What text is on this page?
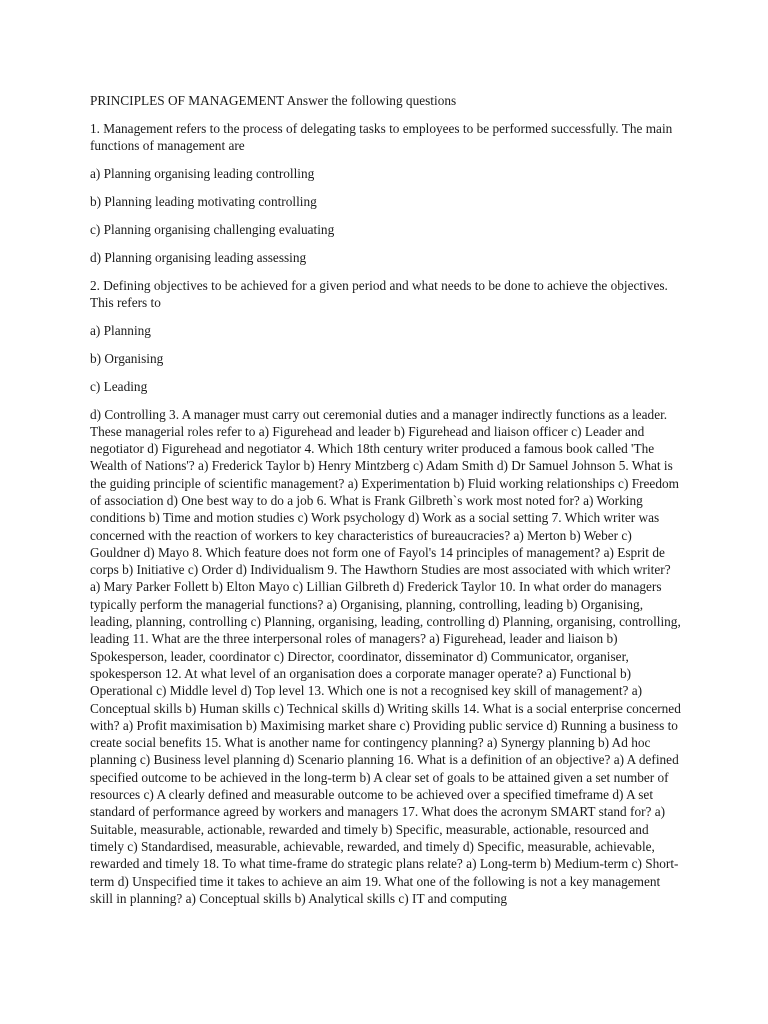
PRINCIPLES OF MANAGEMENT Answer the following questions

1. Management refers to the process of delegating tasks to employees to be performed successfully. The main functions of management are

a) Planning organising leading controlling

b) Planning leading motivating controlling

c) Planning organising challenging evaluating

d) Planning organising leading assessing

2. Defining objectives to be achieved for a given period and what needs to be done to achieve the objectives. This refers to

a) Planning

b) Organising

c) Leading

d) Controlling 3. A manager must carry out ceremonial duties and a manager indirectly functions as a leader. These managerial roles refer to a) Figurehead and leader b) Figurehead and liaison officer c) Leader and negotiator d) Figurehead and negotiator 4. Which 18th century writer produced a famous book called 'The Wealth of Nations'? a) Frederick Taylor b) Henry Mintzberg c) Adam Smith d) Dr Samuel Johnson 5. What is the guiding principle of scientific management? a) Experimentation b) Fluid working relationships c) Freedom of association d) One best way to do a job 6. What is Frank Gilbreth`s work most noted for? a) Working conditions b) Time and motion studies c) Work psychology d) Work as a social setting 7. Which writer was concerned with the reaction of workers to key characteristics of bureaucracies? a) Merton b) Weber c) Gouldner d) Mayo 8. Which feature does not form one of Fayol's 14 principles of management? a) Esprit de corps b) Initiative c) Order d) Individualism 9. The Hawthorn Studies are most associated with which writer? a) Mary Parker Follett b) Elton Mayo c) Lillian Gilbreth d) Frederick Taylor 10. In what order do managers typically perform the managerial functions? a) Organising, planning, controlling, leading b) Organising, leading, planning, controlling c) Planning, organising, leading, controlling d) Planning, organising, controlling, leading 11. What are the three interpersonal roles of managers? a) Figurehead, leader and liaison b) Spokesperson, leader, coordinator c) Director, coordinator, disseminator d) Communicator, organiser, spokesperson 12. At what level of an organisation does a corporate manager operate? a) Functional b) Operational c) Middle level d) Top level 13. Which one is not a recognised key skill of management? a) Conceptual skills b) Human skills c) Technical skills d) Writing skills 14. What is a social enterprise concerned with? a) Profit maximisation b) Maximising market share c) Providing public service d) Running a business to create social benefits 15. What is another name for contingency planning? a) Synergy planning b) Ad hoc planning c) Business level planning d) Scenario planning 16. What is a definition of an objective? a) A defined specified outcome to be achieved in the long-term b) A clear set of goals to be attained given a set number of resources c) A clearly defined and measurable outcome to be achieved over a specified timeframe d) A set standard of performance agreed by workers and managers 17. What does the acronym SMART stand for? a) Suitable, measurable, actionable, rewarded and timely b) Specific, measurable, actionable, resourced and timely c) Standardised, measurable, achievable, rewarded, and timely d) Specific, measurable, achievable, rewarded and timely 18. To what time-frame do strategic plans relate? a) Long-term b) Medium-term c) Short-term d) Unspecified time it takes to achieve an aim 19. What one of the following is not a key management skill in planning? a) Conceptual skills b) Analytical skills c) IT and computing
